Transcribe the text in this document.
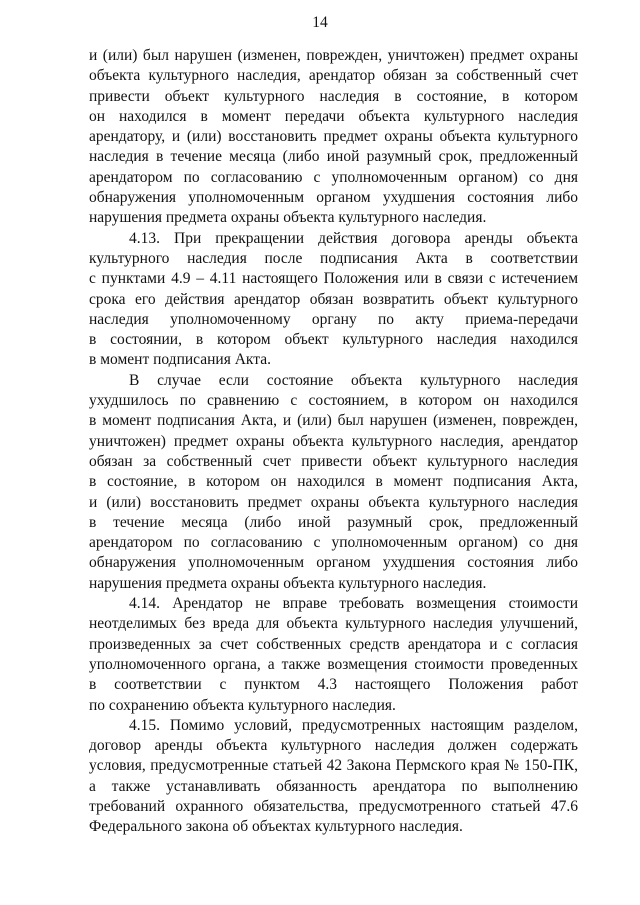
14
и (или) был нарушен (изменен, поврежден, уничтожен) предмет охраны
объекта культурного наследия, арендатор обязан за собственный счет
привести объект культурного наследия в состояние, в котором
он находился в момент передачи объекта культурного наследия
арендатору, и (или) восстановить предмет охраны объекта культурного
наследия в течение месяца (либо иной разумный срок, предложенный
арендатором по согласованию с уполномоченным органом) со дня
обнаружения уполномоченным органом ухудшения состояния либо
нарушения предмета охраны объекта культурного наследия.
4.13. При прекращении действия договора аренды объекта
культурного наследия после подписания Акта в соответствии
с пунктами 4.9 – 4.11 настоящего Положения или в связи с истечением
срока его действия арендатор обязан возвратить объект культурного
наследия уполномоченному органу по акту приема-передачи
в состоянии, в котором объект культурного наследия находился
в момент подписания Акта.
В случае если состояние объекта культурного наследия
ухудшилось по сравнению с состоянием, в котором он находился
в момент подписания Акта, и (или) был нарушен (изменен, поврежден,
уничтожен) предмет охраны объекта культурного наследия, арендатор
обязан за собственный счет привести объект культурного наследия
в состояние, в котором он находился в момент подписания Акта,
и (или) восстановить предмет охраны объекта культурного наследия
в течение месяца (либо иной разумный срок, предложенный
арендатором по согласованию с уполномоченным органом) со дня
обнаружения уполномоченным органом ухудшения состояния либо
нарушения предмета охраны объекта культурного наследия.
4.14. Арендатор не вправе требовать возмещения стоимости
неотделимых без вреда для объекта культурного наследия улучшений,
произведенных за счет собственных средств арендатора и с согласия
уполномоченного органа, а также возмещения стоимости проведенных
в соответствии с пунктом 4.3 настоящего Положения работ
по сохранению объекта культурного наследия.
4.15. Помимо условий, предусмотренных настоящим разделом,
договор аренды объекта культурного наследия должен содержать
условия, предусмотренные статьей 42 Закона Пермского края № 150-ПК,
а также устанавливать обязанность арендатора по выполнению
требований охранного обязательства, предусмотренного статьей 47.6
Федерального закона об объектах культурного наследия.
